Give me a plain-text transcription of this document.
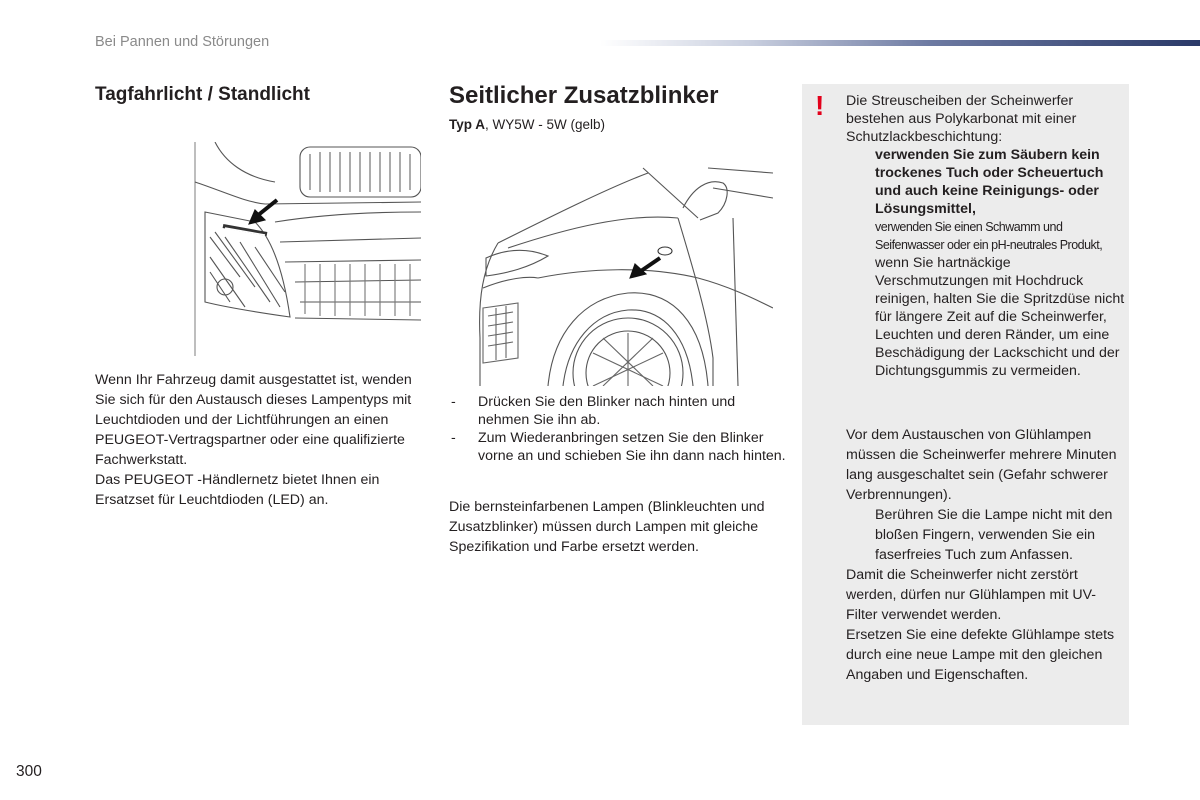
Bei Pannen und Störungen
Tagfahrlicht / Standlicht

Wenn Ihr Fahrzeug damit ausgestattet ist, wenden Sie sich für den Austausch dieses Lampentyps mit Leuchtdioden und der Lichtführungen an einen PEUGEOT-Vertragspartner oder eine qualifizierte Fachwerkstatt.

Das PEUGEOT -Händlernetz bietet Ihnen ein Ersatzset für Leuchtdioden (LED) an.

Seitlicher Zusatzblinker
Typ A, WY5W - 5W (gelb)
- Drücken Sie den Blinker nach hinten und nehmen Sie ihn ab.
- Zum Wiederanbringen setzen Sie den Blinker vorne an und schieben Sie ihn dann nach hinten.

Die bernsteinfarbenen Lampen (Blinkleuchten und Zusatzblinker) müssen durch Lampen mit gleiche Spezifikation und Farbe ersetzt werden.

! Die Streuscheiben der Scheinwerfer bestehen aus Polykarbonat mit einer Schutzlackbeschichtung:

verwenden Sie zum Säubern kein trockenes Tuch oder Scheuertuch und auch keine Reinigungs- oder Lösungsmittel,
verwenden Sie einen Schwamm und Seifenwasser oder ein pH-neutrales Produkt,
wenn Sie hartnäckige Verschmutzungen mit Hochdruck reinigen, halten Sie die Spritzdüse nicht für längere Zeit auf die Scheinwerfer, Leuchten und deren Ränder, um eine Beschädigung der Lackschicht und der Dichtungsgummis zu vermeiden.

Vor dem Austauschen von Glühlampen müssen die Scheinwerfer mehrere Minuten lang ausgeschaltet sein (Gefahr schwerer Verbrennungen).

Berühren Sie die Lampe nicht mit den bloßen Fingern, verwenden Sie ein faserfreies Tuch zum Anfassen.

Damit die Scheinwerfer nicht zerstört werden, dürfen nur Glühlampen mit UV-Filter verwendet werden.

Ersetzen Sie eine defekte Glühlampe stets durch eine neue Lampe mit den gleichen Angaben und Eigenschaften.

300
